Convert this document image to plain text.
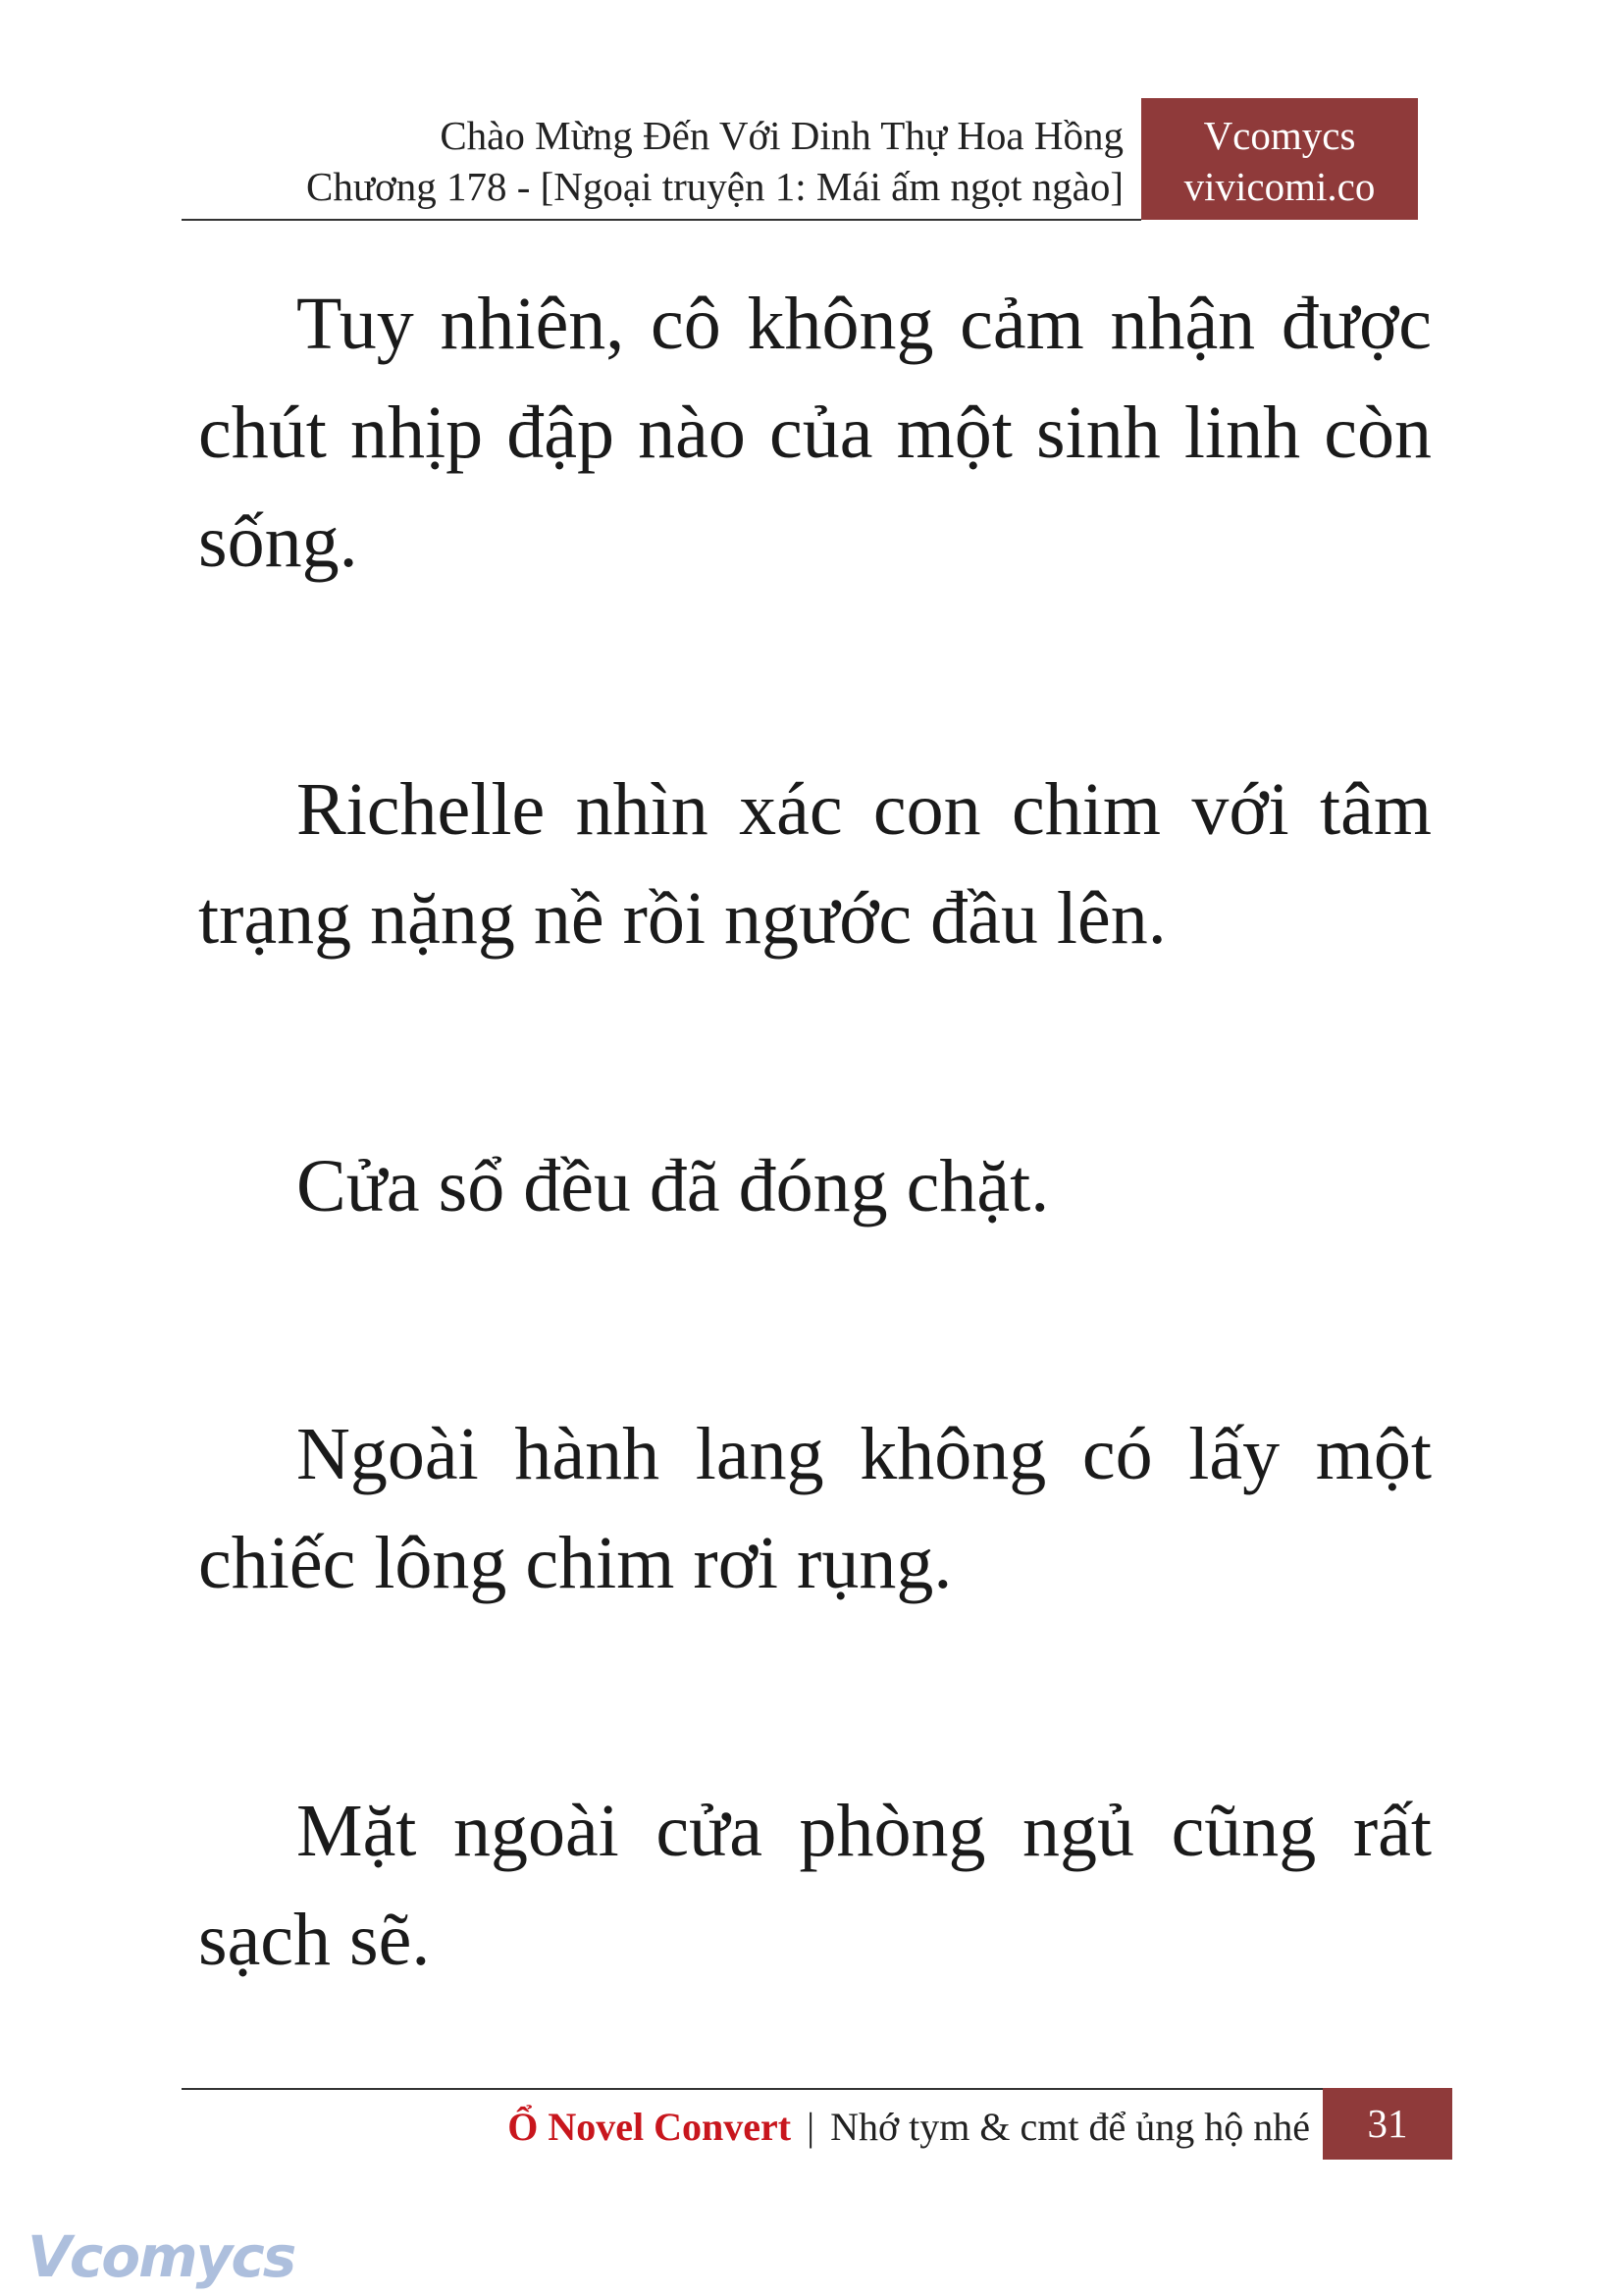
Chào Mừng Đến Với Dinh Thự Hoa Hồng
Chương 178 - [Ngoại truyện 1: Mái ấm ngọt ngào]
Vcomycs
vivicomi.co

Tuy nhiên, cô không cảm nhận được chút nhịp đập nào của một sinh linh còn sống.

Richelle nhìn xác con chim với tâm trạng nặng nề rồi ngước đầu lên.

Cửa sổ đều đã đóng chặt.

Ngoài hành lang không có lấy một chiếc lông chim rơi rụng.

Mặt ngoài cửa phòng ngủ cũng rất sạch sẽ.

Ổ Novel Convert | Nhớ tym & cmt để ủng hộ nhé	31
Vcomycs
